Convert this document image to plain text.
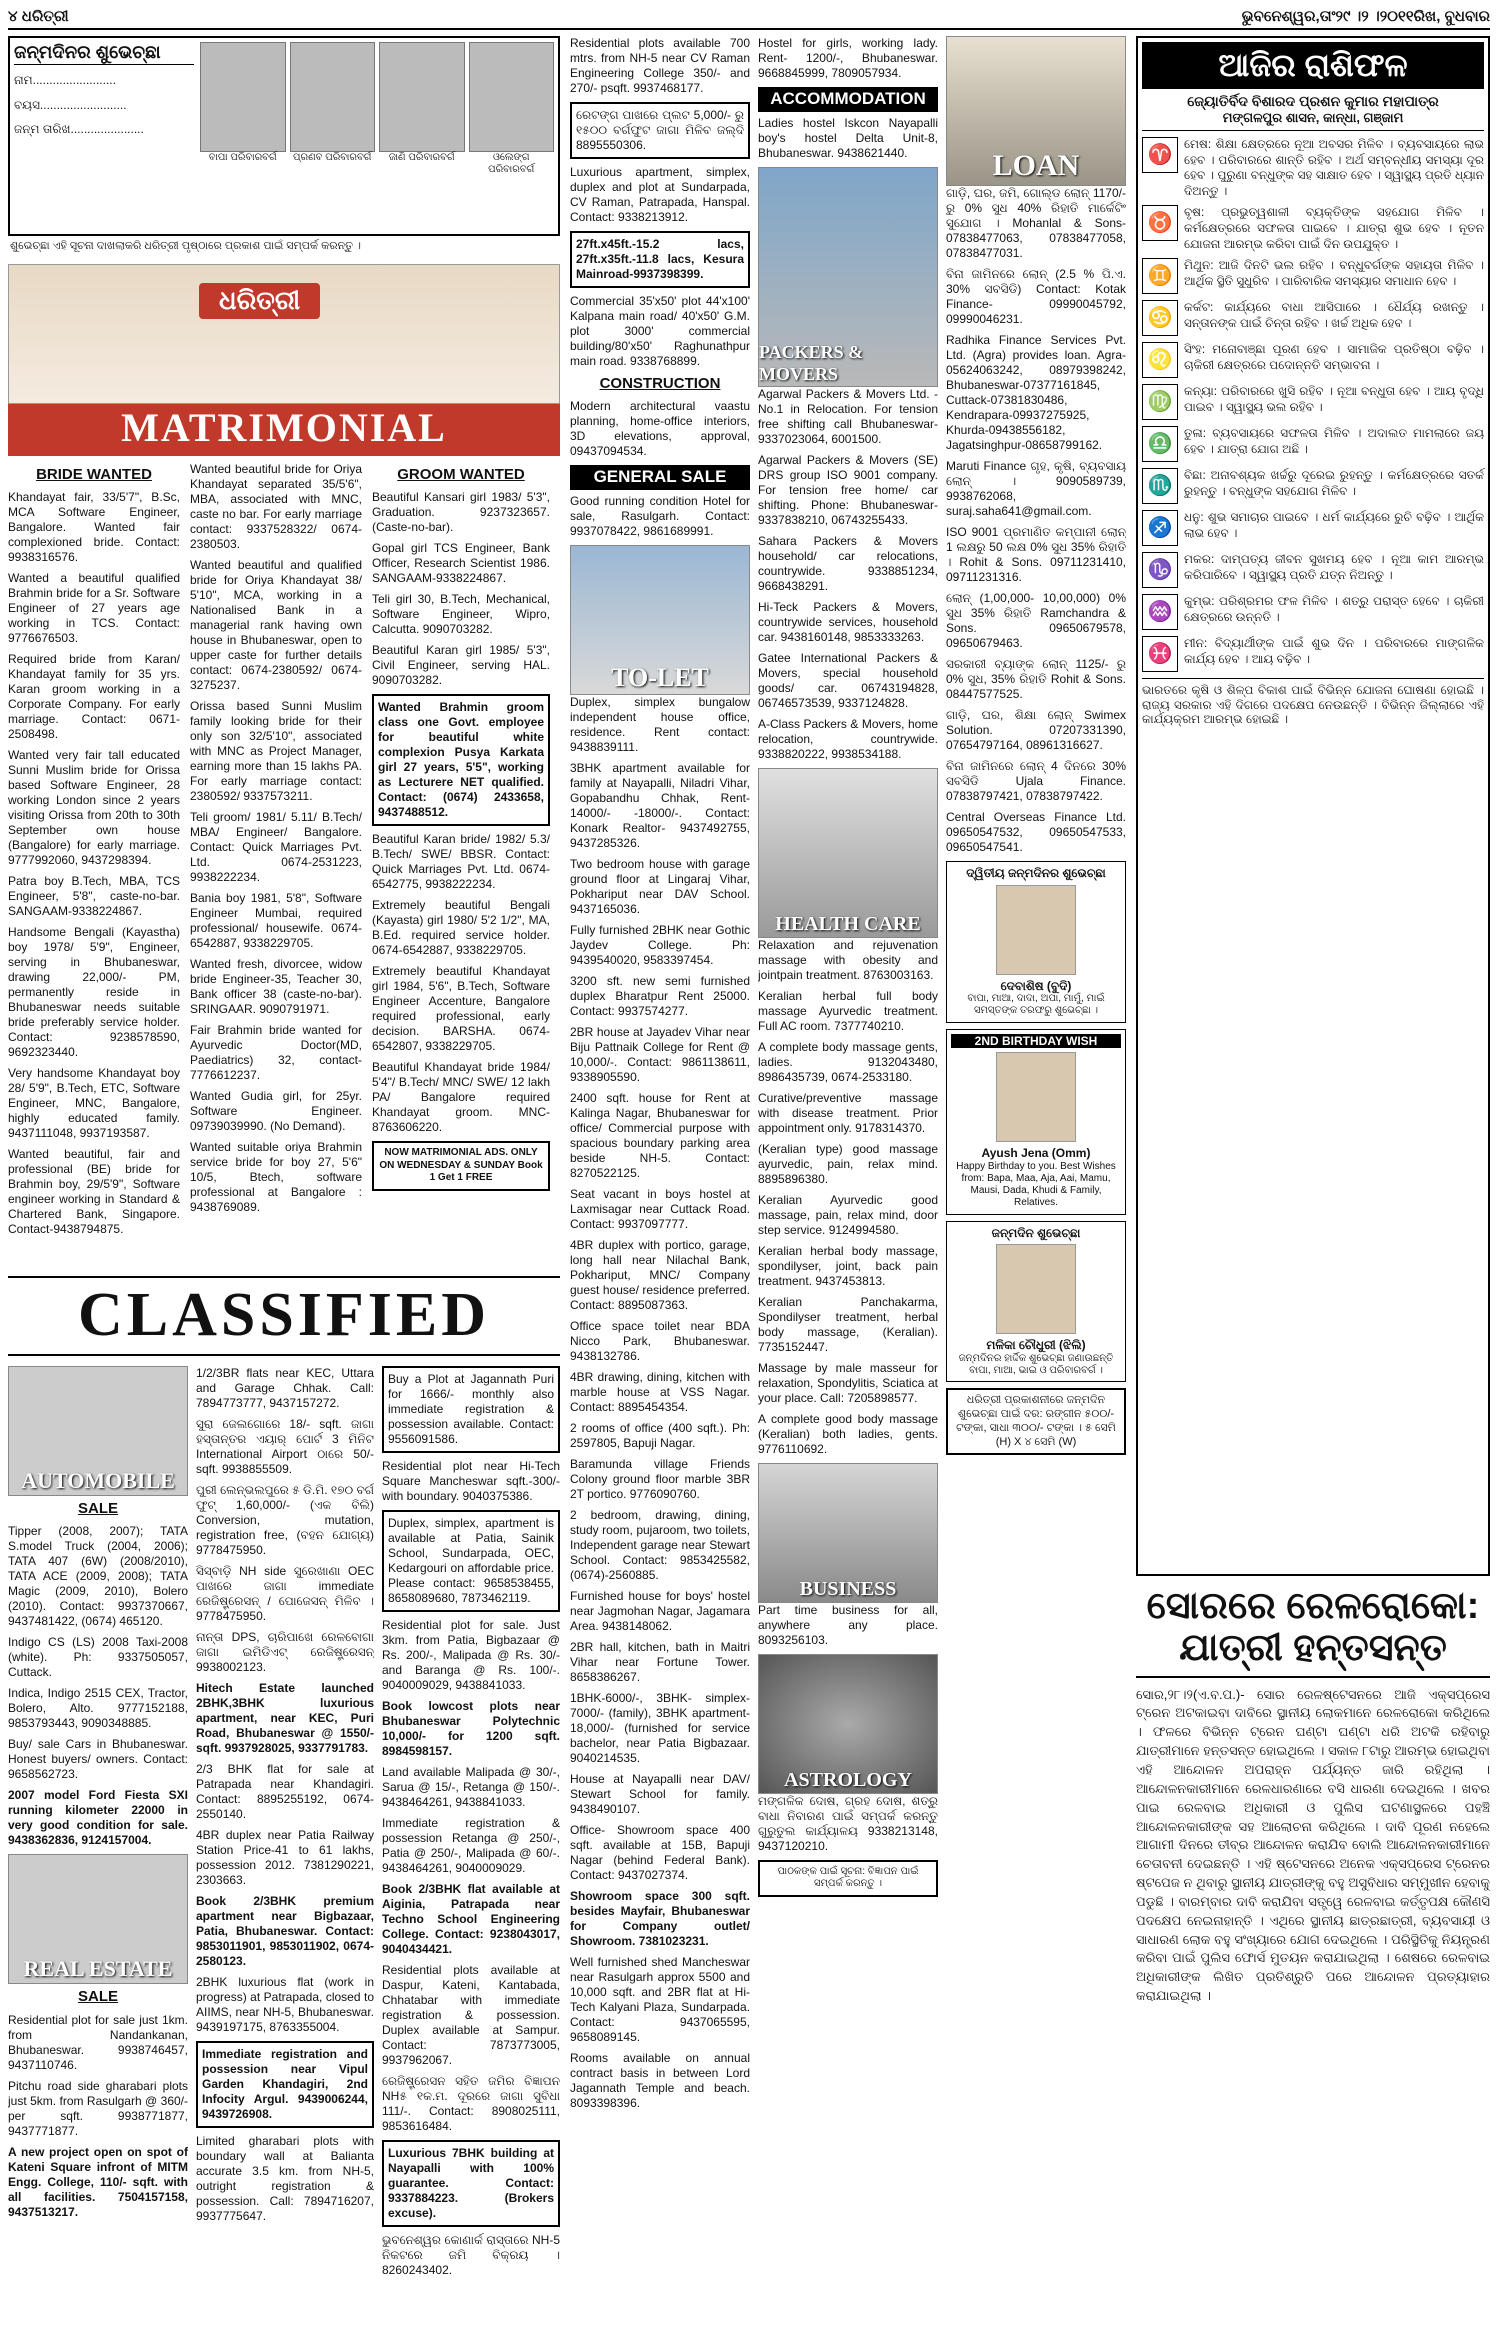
୪ ଧରିତ୍ରୀ	ଭୁବନେଶ୍ୱର,ତାଂ୨୯ ।୨ ।୨୦୧୧ରିଖ, ବୁଧବାର
ଜନ୍ମଦିନର ଶୁଭେଚ୍ଛା
ନାମ.........................
ବୟସ..........................
ଜନ୍ମ ତାରିଖ......................
ବାପା ପରିବାରବର୍ଗ	ପ୍ରଣବ ପରିବାରବର୍ଗ	ଜାଣି ପରିବାରବର୍ଗ	ଓଲେଙ୍ଗ ପରିବାରବର୍ଗ
ଶୁଭେଚ୍ଛା ଏହି ସୂଚନା ଦାଖଲାକରି ଧରିତ୍ରୀ ପୃଷ୍ଠାରେ ପ୍ରକାଶ ପାଇଁ ସମ୍ପର୍କ କରନ୍ତୁ ।
ଧରିତ୍ରୀ
MATRIMONIAL
BRIDE WANTED

Khandayat fair, 33/5'7", B.Sc, MCA Software Engineer, Bangalore. Wanted fair complexioned bride. Contact: 9938316576.

Wanted a beautiful qualified Brahmin bride for a Sr. Software Engineer of 27 years age working in TCS. Contact: 9776676503.

Required bride from Karan/ Khandayat family for 35 yrs. Karan groom working in a Corporate Company. For early marriage. Contact: 0671-2508498.

Wanted very fair tall educated Sunni Muslim bride for Orissa based Software Engineer, 28 working London since 2 years visiting Orissa from 20th to 30th September own house (Bangalore) for early marriage. 9777992060, 9437298394.

Patra boy B.Tech, MBA, TCS Engineer, 5'8", caste-no-bar. SANGAAM-9338224867.

Handsome Bengali (Kayastha) boy 1978/ 5'9", Engineer, serving in Bhubaneswar, drawing 22,000/- PM, permanently reside in Bhubaneswar needs suitable bride preferably service holder. Contact: 9238578590, 9692323440.

Very handsome Khandayat boy 28/ 5'9", B.Tech, ETC, Software Engineer, MNC, Bangalore, highly educated family. 9437111048, 9937193587.

Wanted beautiful, fair and professional (BE) bride for Brahmin boy, 29/5'9", Software engineer working in Standard & Chartered Bank, Singapore. Contact-9438794875.

Wanted beautiful bride for Oriya Khandayat separated 35/5'6", MBA, associated with MNC, caste no bar. For early marriage contact: 9337528322/ 0674-2380503.

Wanted beautiful and qualified bride for Oriya Khandayat 38/ 5'10", MCA, working in a Nationalised Bank in a managerial rank having own house in Bhubaneswar, open to upper caste for further details contact: 0674-2380592/ 0674-3275237.

Orissa based Sunni Muslim family looking bride for their only son 32/5'10", associated with MNC as Project Manager, earning more than 15 lakhs PA. For early marriage contact: 2380592/ 9337573211.

Teli groom/ 1981/ 5.11/ B.Tech/ MBA/ Engineer/ Bangalore. Contact: Quick Marriages Pvt. Ltd. 0674-2531223, 9938222234.

Bania boy 1981, 5'8", Software Engineer Mumbai, required professional/ housewife. 0674-6542887, 9338229705.

Wanted fresh, divorcee, widow bride Engineer-35, Teacher 30, Bank officer 38 (caste-no-bar). SRINGAAR. 9090791971.

Fair Brahmin bride wanted for Ayurvedic Doctor(MD, Paediatrics) 32, contact-7776612237.

Wanted Gudia girl, for 25yr. Software Engineer. 09739039990. (No Demand).

Wanted suitable oriya Brahmin service bride for boy 27, 5'6" 10/5, Btech, software professional at Bangalore : 9438769089.

GROOM WANTED

Beautiful Kansari girl 1983/ 5'3", Graduation. 9237323657. (Caste-no-bar).

Gopal girl TCS Engineer, Bank Officer, Research Scientist 1986. SANGAAM-9338224867.

Teli girl 30, B.Tech, Mechanical, Software Engineer, Wipro, Calcutta. 9090703282.

Beautiful Karan girl 1985/ 5'3", Civil Engineer, serving HAL. 9090703282.

Wanted Brahmin groom class one Govt. employee for beautiful white complexion Pusya Karkata girl 27 years, 5'5", working as Lecturere NET qualified. Contact: (0674) 2433658, 9437488512.

Beautiful Karan bride/ 1982/ 5.3/ B.Tech/ SWE/ BBSR. Contact: Quick Marriages Pvt. Ltd. 0674-6542775, 9938222234.

Extremely beautiful Bengali (Kayasta) girl 1980/ 5'2 1/2", MA, B.Ed. required service holder. 0674-6542887, 9338229705.

Extremely beautiful Khandayat girl 1984, 5'6", B.Tech, Software Engineer Accenture, Bangalore required professional, early decision. BARSHA. 0674-6542807, 9338229705.

Beautiful Khandayat bride 1984/ 5'4"/ B.Tech/ MNC/ SWE/ 12 lakh PA/ Bangalore required Khandayat groom. MNC- 8763606220.

NOW MATRIMONIAL ADS. ONLY ON WEDNESDAY & SUNDAY Book 1 Get 1 FREE

CLASSIFIED
AUTOMOBILE
SALE

Tipper (2008, 2007); TATA S.model Truck (2004, 2006); TATA 407 (6W) (2008/2010), TATA ACE (2009, 2008); TATA Magic (2009, 2010), Bolero (2010). Contact: 9937370667, 9437481422, (0674) 465120.

Indigo CS (LS) 2008 Taxi-2008 (white). Ph: 9337505057, Cuttack.

Indica, Indigo 2515 CEX, Tractor, Bolero, Alto. 9777152188, 9853793443, 9090348885.

Buy/ sale Cars in Bhubaneswar. Honest buyers/ owners. Contact: 9658562723.

2007 model Ford Fiesta SXI running kilometer 22000 in very good condition for sale. 9438362836, 9124157004.

REAL ESTATE
SALE

Residential plot for sale just 1km. from Nandankanan, Bhubaneswar. 9938746457, 9437110746.

Pitchu road side gharabari plots just 5km. from Rasulgarh @ 360/- per sqft. 9938771877, 9437771877.

A new project open on spot of Kateni Square infront of MITM Engg. College, 110/- sqft. with all facilities. 7504157158, 9437513217.

1/2/3BR flats near KEC, Uttara and Garage Chhak. Call: 7894773777, 9437157272.

ସୁରା ଜେଲଗୋରେ 18/- sqft. ଜାଗା ହସ୍ତାନ୍ତର ଏୟାର୍ ପୋର୍ଟ 3 ମିନିଟ International Airport ଠାରେ 50/- sqft. 9938855509.

ପୁରୀ ଲେନ୍‌ଭଲପୁରେ ୫ ଡି.ମି. ୧୭୦ ବର୍ଗ ଫୁଟ୍ 1,60,000/- (ଏକ ବିଲି) Conversion, mutation, registration free, (ବହନ ଯୋଗ୍ୟ) 9778475950.

ସିସ୍‌ବାଡ଼ି NH side ସୁରେଖାଣା OEC ପାଖରେ ଜାଗା immediate ରେଜିଷ୍ଟ୍ରେସନ୍ / ପୋଜେସନ୍ ମିଳିବ । 9778475950.

ନାନ୍ତା DPS, ଚାରିପାଖେ ରେଳବୋଗା ଜାଗା ଇମିଡିଏଟ୍ ରେଜିଷ୍ଟ୍ରେସନ୍ 9938002123.

Hitech Estate launched 2BHK,3BHK luxurious apartment, near KEC, Puri Road, Bhubaneswar @ 1550/- sqft. 9937928025, 9337791783.

2/3 BHK flat for sale at Patrapada near Khandagiri. Contact: 8895255192, 0674-2550140.

4BR duplex near Patia Railway Station Price-41 to 61 lakhs, possession 2012. 7381290221, 2303663.

Book 2/3BHK premium apartment near Bigbazaar, Patia, Bhubaneswar. Contact: 9853011901, 9853011902, 0674-2580123.

2BHK luxurious flat (work in progress) at Patrapada, closed to AIIMS, near NH-5, Bhubaneswar. 9439197175, 8763355004.

Immediate registration and possession near Vipul Garden Khandagiri, 2nd Infocity Argul. 9439006244, 9439726908.

Limited gharabari plots with boundary wall at Balianta accurate 3.5 km. from NH-5, outright registration & possession. Call: 7894716207, 9937775647.

Buy a Plot at Jagannath Puri for 1666/- monthly also immediate registration & possession available. Contact: 9556091586.

Residential plot near Hi-Tech Square Mancheswar sqft.-300/- with boundary. 9040375386.

Duplex, simplex, apartment is available at Patia, Sainik School, Sundarpada, OEC, Kedargouri on affordable price. Please contact: 9658538455, 8658089680, 7873462119.

Residential plot for sale. Just 3km. from Patia, Bigbazaar @ Rs. 200/-, Malipada @ Rs. 30/- and Baranga @ Rs. 100/-. 9040009029, 9438841033.

Book lowcost plots near Bhubaneswar Polytechnic 10,000/- for 1200 sqft. 8984598157.

Land available Malipada @ 30/-, Sarua @ 15/-, Retanga @ 150/-. 9438464261, 9438841033.

Immediate registration & possession Retanga @ 250/-, Patia @ 250/-, Malipada @ 60/-. 9438464261, 9040009029.

Book 2/3BHK flat available at Aiginia, Patrapada near Techno School Engineering College. Contact: 9238043017, 9040434421.

Residential plots available at Daspur, Kateni, Kantabada, Chhatabar with immediate registration & possession. Duplex available at Sampur. Contact: 7873773005, 9937962067.

ରେଜିଷ୍ଟ୍ରେସନ ସହିତ ଜମିର ବିଜ୍ଞାପନ NH୫ ୧କ.ମ. ଦୂରରେ ଜାଗା ସୁବିଧା 111/-. Contact: 8908025111, 9853616484.

Luxurious 7BHK building at Nayapalli with 100% guarantee. Contact: 9337884223. (Brokers excuse).

ଭୁବନେଶ୍ୱର କୋଣାର୍କ ରାସ୍ତାରେ NH-5 ନିକଟରେ ଜମି ବିକ୍ରୟ । 8260243402.

Residential plots available 700 mtrs. from NH-5 near CV Raman Engineering College 350/- and 270/- psqft. 9937468177.

ରେଟଙ୍ଗ ପାଖରେ ପ୍ଲଟ 5,000/- ରୁ ୧୫୦୦ ବର୍ଗଫୁଟ ଜାଗା ମିଳିବ ଜଲ୍‌ଦି 8895550306.

Luxurious apartment, simplex, duplex and plot at Sundarpada, CV Raman, Patrapada, Hanspal. Contact: 9338213912.

27ft.x45ft.-15.2 lacs, 27ft.x35ft.-11.8 lacs, Kesura Mainroad-9937398399.

Commercial 35'x50' plot 44'x100' Kalpana main road/ 40'x50' G.M. plot 3000' commercial building/80'x50' Raghunathpur main road. 9338768899.

CONSTRUCTION

Modern architectural vaastu planning, home-office interiors, 3D elevations, approval, 09437094534.

GENERAL SALE

Good running condition Hotel for sale, Rasulgarh. Contact: 9937078422, 9861689991.

TO-LET

Duplex, simplex bungalow independent house office, residence. Rent contact: 9438839111.

3BHK apartment available for family at Nayapalli, Niladri Vihar, Gopabandhu Chhak, Rent-14000/- -18000/-. Contact: Konark Realtor- 9437492755, 9437285326.

Two bedroom house with garage ground floor at Lingaraj Vihar, Pokhariput near DAV School. 9437165036.

Fully furnished 2BHK near Gothic Jaydev College. Ph: 9439540020, 9583397454.

3200 sft. new semi furnished duplex Bharatpur Rent 25000. Contact: 9937574277.

2BR house at Jayadev Vihar near Biju Pattnaik College for Rent @ 10,000/-. Contact: 9861138611, 9338905590.

2400 sqft. house for Rent at Kalinga Nagar, Bhubaneswar for office/ Commercial purpose with spacious boundary parking area beside NH-5. Contact: 8270522125.

Seat vacant in boys hostel at Laxmisagar near Cuttack Road. Contact: 9937097777.

4BR duplex with portico, garage, long hall near Nilachal Bank, Pokhariput, MNC/ Company guest house/ residence preferred. Contact: 8895087363.

Office space toilet near BDA Nicco Park, Bhubaneswar. 9438132786.

4BR drawing, dining, kitchen with marble house at VSS Nagar. Contact: 8895454354.

2 rooms of office (400 sqft.). Ph: 2597805, Bapuji Nagar.

Baramunda village Friends Colony ground floor marble 3BR 2T portico. 9776090760.

2 bedroom, drawing, dining, study room, pujaroom, two toilets, Independent garage near Stewart School. Contact: 9853425582, (0674)-2560885.

Furnished house for boys' hostel near Jagmohan Nagar, Jagamara Area. 9438148062.

2BR hall, kitchen, bath in Maitri Vihar near Fortune Tower. 8658386267.

1BHK-6000/-, 3BHK- simplex-7000/- (family), 3BHK apartment-18,000/- (furnished for service bachelor, near Patia Bigbazaar. 9040214535.

House at Nayapalli near DAV/ Stewart School for family. 9438490107.

Office- Showroom space 400 sqft. available at 15B, Bapuji Nagar (behind Federal Bank). Contact: 9437027374.

Showroom space 300 sqft. besides Mayfair, Bhubaneswar for Company outlet/ Showroom. 7381023231.

Well furnished shed Mancheswar near Rasulgarh approx 5500 and 10,000 sqft. and 2BR flat at Hi-Tech Kalyani Plaza, Sundarpada. Contact: 9437065595, 9658089145.

Rooms available on annual contract basis in between Lord Jagannath Temple and beach. 8093398396.

Hostel for girls, working lady. Rent- 1200/-, Bhubaneswar. 9668845999, 7809057934.

ACCOMMODATION

Ladies hostel Iskcon Nayapalli boy's hostel Delta Unit-8, Bhubaneswar. 9438621440.

PACKERS & MOVERS

Agarwal Packers & Movers Ltd. - No.1 in Relocation. For tension free shifting call Bhubaneswar- 9337023064, 6001500.

Agarwal Packers & Movers (SE) DRS group ISO 9001 company. For tension free home/ car shifting. Phone: Bhubaneswar- 9337838210, 06743255433.

Sahara Packers & Movers household/ car relocations, countrywide. 9338851234, 9668438291.

Hi-Teck Packers & Movers, countrywide services, household car. 9438160148, 9853333263.

Gatee International Packers & Movers, special household goods/ car. 06743194828, 06746573539, 9337124828.

A-Class Packers & Movers, home relocation, countrywide. 9338820222, 9938534188.

HEALTH CARE

Relaxation and rejuvenation massage with obesity and jointpain treatment. 8763003163.

Keralian herbal full body massage Ayurvedic treatment. Full AC room. 7377740210.

A complete body massage gents, ladies. 9132043480, 8986435739, 0674-2533180.

Curative/preventive massage with disease treatment. Prior appointment only. 9178314370.

(Keralian type) good massage ayurvedic, pain, relax mind. 8895896380.

Keralian Ayurvedic good massage, pain, relax mind, door step service. 9124994580.

Keralian herbal body massage, spondilyser, joint, back pain treatment. 9437453813.

Keralian Panchakarma, Spondilyser treatment, herbal body massage, (Keralian). 7735152447.

Massage by male masseur for relaxation, Spondylitis, Sciatica at your place. Call: 7205898577.

A complete good body massage (Keralian) both ladies, gents. 9776110692.

BUSINESS

Part time business for all, anywhere any place. 8093256103.

ASTROLOGY

ମଙ୍ଗଳିକ ଦୋଷ, ଗ୍ରହ ଦୋଷ, ଶତ୍ରୁ ବାଧା ନିବାରଣ ପାଇଁ ସମ୍ପର୍କ କରନ୍ତୁ ଗୁରୁତୁଲ କାର୍ଯ୍ୟାଳୟ 9338213148, 9437120210.

ପାଠକଙ୍କ ପାଇଁ ସୂଚନା: ବିଜ୍ଞାପନ ପାଇଁ ସମ୍ପର୍କ କରନ୍ତୁ ।

LOAN

ଗାଡ଼ି, ଘର, ଜମି, ଗୋଲ୍ଡ ଲୋନ୍ 1170/- ରୁ 0% ସୁଧ 40% ରିହାତି ମାର୍କେଟିଂ ସୁଯୋଗ । Mohanlal & Sons- 07838477063, 07838477058, 07838477031.

ବିନା ଜାମିନରେ ଲୋନ୍ (2.5 % ପି.ଏ. 30% ସବସିଡି) Contact: Kotak Finance- 09990045792, 09990046231.

Radhika Finance Services Pvt. Ltd. (Agra) provides loan. Agra- 05624063242, 08979398242, Bhubaneswar-07377161845, Cuttack-07381830486, Kendrapara-09937275925, Khurda-09438556182, Jagatsinghpur-08658799162.

Maruti Finance ଗୃହ, କୃଷି, ବ୍ୟବସାୟ ଲୋନ୍ । 9090589739, 9938762068, suraj.saha641@gmail.com.

ISO 9001 ପ୍ରମାଣିତ କମ୍ପାନୀ ଲୋନ୍ 1 ଲକ୍ଷରୁ 50 ଲକ୍ଷ 0% ସୁଧ 35% ରିହାତି । Rohit & Sons. 09711231410, 09711231316.

ଲୋନ୍ (1,00,000- 10,00,000) 0% ସୁଧ 35% ରିହାତି Ramchandra & Sons. 09650679578, 09650679463.

ସରକାରୀ ବ୍ୟାଙ୍କ ଲୋନ୍ 1125/- ରୁ 0% ସୁଧ, 35% ରିହାତି Rohit & Sons. 08447577525.

ଗାଡ଼ି, ଘର, ଶିକ୍ଷା ଲୋନ୍ Swimex Solution. 07207331390, 07654797164, 08961316627.

ବିନା ଜାମିନରେ ଲୋନ୍ 4 ଦିନରେ 30% ସବସିଡି Ujala Finance. 07838797421, 07838797422.

Central Overseas Finance Ltd. 09650547532, 09650547533, 09650547541.

ଦ୍ୱିତୀୟ ଜନ୍ମଦିନର ଶୁଭେଚ୍ଛା
ଦେବାଶିଷ (ବୁଦି)
ବାପା, ମାଆ, ଦାଦା, ଅପା, ମାମୁଁ, ମାଇଁ ସମସ୍ତଙ୍କ ତରଫରୁ ଶୁଭେଚ୍ଛା ।
2ND BIRTHDAY WISH
Ayush Jena (Omm)
Happy Birthday to you. Best Wishes from: Bapa, Maa, Aja, Aai, Mamu, Mausi, Dada, Khudi & Family, Relatives.
ଜନ୍ମଦିନ ଶୁଭେଚ୍ଛା
ମଳିକା ଚୌଧୁରୀ (ଝିଲି)
ଜନ୍ମଦିନର ହାର୍ଦ୍ଦିକ ଶୁଭେଚ୍ଛା ଜଣାଉଛନ୍ତି ବାପା, ମାଆ, ଭାଇ ଓ ପରିବାରବର୍ଗ ।

ଧରିତ୍ରୀ ପ୍ରକାଶନୀରେ ଜନ୍ମଦିନ ଶୁଭେଚ୍ଛା ପାଇଁ ଦର: ରଙ୍ଗୀନ ୫୦୦/- ଟଙ୍କା, ସାଧା ୩୦୦/- ଟଙ୍କା । ୫ ସେମି (H) X ୪ ସେମି (W)

ଆଜିର ରାଶିଫଳ
ଜ୍ୟୋତିର୍ବିଦ ବିଶାରଦ ପ୍ରଶନ କୁମାର ମହାପାତ୍ର
ମଙ୍ଗଳପୁର ଶାସନ, କାନ୍ଧା, ଗଞ୍ଜାମ
♈ ମେଷ: ଶିକ୍ଷା କ୍ଷେତ୍ରରେ ନୂଆ ଅବସର ମିଳିବ । ବ୍ୟବସାୟରେ ଲାଭ ହେବ । ପରିବାରରେ ଶାନ୍ତି ରହିବ । ଅର୍ଥ ସମ୍ବନ୍ଧୀୟ ସମସ୍ୟା ଦୂର ହେବ । ପୁରୁଣା ବନ୍ଧୁଙ୍କ ସହ ସାକ୍ଷାତ ହେବ । ସ୍ୱାସ୍ଥ୍ୟ ପ୍ରତି ଧ୍ୟାନ ଦିଅନ୍ତୁ ।
♉ ବୃଷ: ପ୍ରଭୁତ୍ୱଶାଳୀ ବ୍ୟକ୍ତିଙ୍କ ସହଯୋଗ ମିଳିବ । କର୍ମକ୍ଷେତ୍ରରେ ସଫଳତା ପାଇବେ । ଯାତ୍ରା ଶୁଭ ହେବ । ନୂତନ ଯୋଜନା ଆରମ୍ଭ କରିବା ପାଇଁ ଦିନ ଉପଯୁକ୍ତ ।
♊ ମିଥୁନ: ଆଜି ଦିନଟି ଭଲ ରହିବ । ବନ୍ଧୁବର୍ଗଙ୍କ ସହାୟତା ମିଳିବ । ଆର୍ଥିକ ସ୍ଥିତି ସୁଧୁରିବ । ପାରିବାରିକ ସମସ୍ୟାର ସମାଧାନ ହେବ ।
♋ କର୍କଟ: କାର୍ଯ୍ୟରେ ବାଧା ଆସିପାରେ । ଧୈର୍ଯ୍ୟ ରଖନ୍ତୁ । ସନ୍ତାନଙ୍କ ପାଇଁ ଚିନ୍ତା ରହିବ । ଖର୍ଚ୍ଚ ଅଧିକ ହେବ ।
♌ ସିଂହ: ମନୋବାଞ୍ଛା ପୂରଣ ହେବ । ସାମାଜିକ ପ୍ରତିଷ୍ଠା ବଢ଼ିବ । ଚାକିରୀ କ୍ଷେତ୍ରରେ ପଦୋନ୍ନତି ସମ୍ଭାବନା ।
♍ କନ୍ୟା: ପରିବାରରେ ଖୁସି ରହିବ । ନୂଆ ବନ୍ଧୁତା ହେବ । ଆୟ ବୃଦ୍ଧି ପାଇବ । ସ୍ୱାସ୍ଥ୍ୟ ଭଲ ରହିବ ।
♎ ତୁଳା: ବ୍ୟବସାୟରେ ସଫଳତା ମିଳିବ । ଅଦାଲତ ମାମଲାରେ ଜୟ ହେବ । ଯାତ୍ରା ଯୋଗ ଅଛି ।
♏ ବିଛା: ଅନାବଶ୍ୟକ ଖର୍ଚ୍ଚରୁ ଦୂରେଇ ରୁହନ୍ତୁ । କର୍ମକ୍ଷେତ୍ରରେ ସତର୍କ ରୁହନ୍ତୁ । ବନ୍ଧୁଙ୍କ ସହଯୋଗ ମିଳିବ ।
♐ ଧନୁ: ଶୁଭ ସମାଚାର ପାଇବେ । ଧର୍ମ କାର୍ଯ୍ୟରେ ରୁଚି ବଢ଼ିବ । ଆର୍ଥିକ ଲାଭ ହେବ ।
♑ ମକର: ଦାମ୍ପତ୍ୟ ଜୀବନ ସୁଖମୟ ହେବ । ନୂଆ କାମ ଆରମ୍ଭ କରିପାରିବେ । ସ୍ୱାସ୍ଥ୍ୟ ପ୍ରତି ଯତ୍ନ ନିଅନ୍ତୁ ।
♒ କୁମ୍ଭ: ପରିଶ୍ରମର ଫଳ ମିଳିବ । ଶତ୍ରୁ ପରାସ୍ତ ହେବେ । ଚାକିରୀ କ୍ଷେତ୍ରରେ ଉନ୍ନତି ।
♓ ମୀନ: ବିଦ୍ୟାର୍ଥୀଙ୍କ ପାଇଁ ଶୁଭ ଦିନ । ପରିବାରରେ ମାଙ୍ଗଳିକ କାର୍ଯ୍ୟ ହେବ । ଆୟ ବଢ଼ିବ ।
ଭାରତରେ କୃଷି ଓ ଶିଳ୍ପ ବିକାଶ ପାଇଁ ବିଭିନ୍ନ ଯୋଜନା ଘୋଷଣା ହୋଇଛି । ରାଜ୍ୟ ସରକାର ଏହି ଦିଗରେ ପଦକ୍ଷେପ ନେଉଛନ୍ତି । ବିଭିନ୍ନ ଜିଲ୍ଲାରେ ଏହି କାର୍ଯ୍ୟକ୍ରମ ଆରମ୍ଭ ହୋଇଛି ।
ସୋରରେ ରେଳରୋକୋ:
ଯାତ୍ରୀ ହନ୍ତସନ୍ତ
ସୋର,୨୮।୨(ଏ.ବ.ପ.)- ସୋର ରେଳଷ୍ଟେସନରେ ଆଜି ଏକ୍ସପ୍ରେସ ଟ୍ରେନ ଅଟକାଇବା ଦାବିରେ ସ୍ଥାନୀୟ ଲୋକମାନେ ରେଳରୋକୋ କରିଥିଲେ । ଫଳରେ ବିଭିନ୍ନ ଟ୍ରେନ ଘଣ୍ଟା ଘଣ୍ଟା ଧରି ଅଟକି ରହିବାରୁ ଯାତ୍ରୀମାନେ ହନ୍ତସନ୍ତ ହୋଇଥିଲେ । ସକାଳ ୮ଟାରୁ ଆରମ୍ଭ ହୋଇଥିବା ଏହି ଆନ୍ଦୋଳନ ଅପରାହ୍ନ ପର୍ଯ୍ୟନ୍ତ ଜାରି ରହିଥିଲା । ଆନ୍ଦୋଳନକାରୀମାନେ ରେଳଧାରଣାରେ ବସି ଧାରଣା ଦେଇଥିଲେ । ଖବର ପାଇ ରେଳବାଇ ଅଧିକାରୀ ଓ ପୁଲିସ ଘଟଣାସ୍ଥଳରେ ପହଞ୍ଚି ଆନ୍ଦୋଳନକାରୀଙ୍କ ସହ ଆଲୋଚନା କରିଥିଲେ । ଦାବି ପୂରଣ ନହେଲେ ଆଗାମୀ ଦିନରେ ତୀବ୍ର ଆନ୍ଦୋଳନ କରାଯିବ ବୋଲି ଆନ୍ଦୋଳନକାରୀମାନେ ଚେତାବନୀ ଦେଇଛନ୍ତି । ଏହି ଷ୍ଟେସନରେ ଅନେକ ଏକ୍ସପ୍ରେସ ଟ୍ରେନର ଷ୍ଟପେଜ ନ ଥିବାରୁ ସ୍ଥାନୀୟ ଯାତ୍ରୀଙ୍କୁ ବହୁ ଅସୁବିଧାର ସମ୍ମୁଖୀନ ହେବାକୁ ପଡୁଛି । ବାରମ୍ବାର ଦାବି କରାଯିବା ସତ୍ତ୍ୱେ ରେଳବାଇ କର୍ତ୍ତୃପକ୍ଷ କୌଣସି ପଦକ୍ଷେପ ନେଇନାହାନ୍ତି । ଏଥିରେ ସ୍ଥାନୀୟ ଛାତ୍ରଛାତ୍ରୀ, ବ୍ୟବସାୟୀ ଓ ସାଧାରଣ ଲୋକ ବହୁ ସଂଖ୍ୟାରେ ଯୋଗ ଦେଇଥିଲେ । ପରିସ୍ଥିତିକୁ ନିୟନ୍ତ୍ରଣ କରିବା ପାଇଁ ପୁଲିସ ଫୋର୍ସ ମୁତୟନ କରାଯାଇଥିଲା । ଶେଷରେ ରେଳବାଇ ଅଧିକାରୀଙ୍କ ଲିଖିତ ପ୍ରତିଶ୍ରୁତି ପରେ ଆନ୍ଦୋଳନ ପ୍ରତ୍ୟାହାର କରାଯାଇଥିଲା ।
